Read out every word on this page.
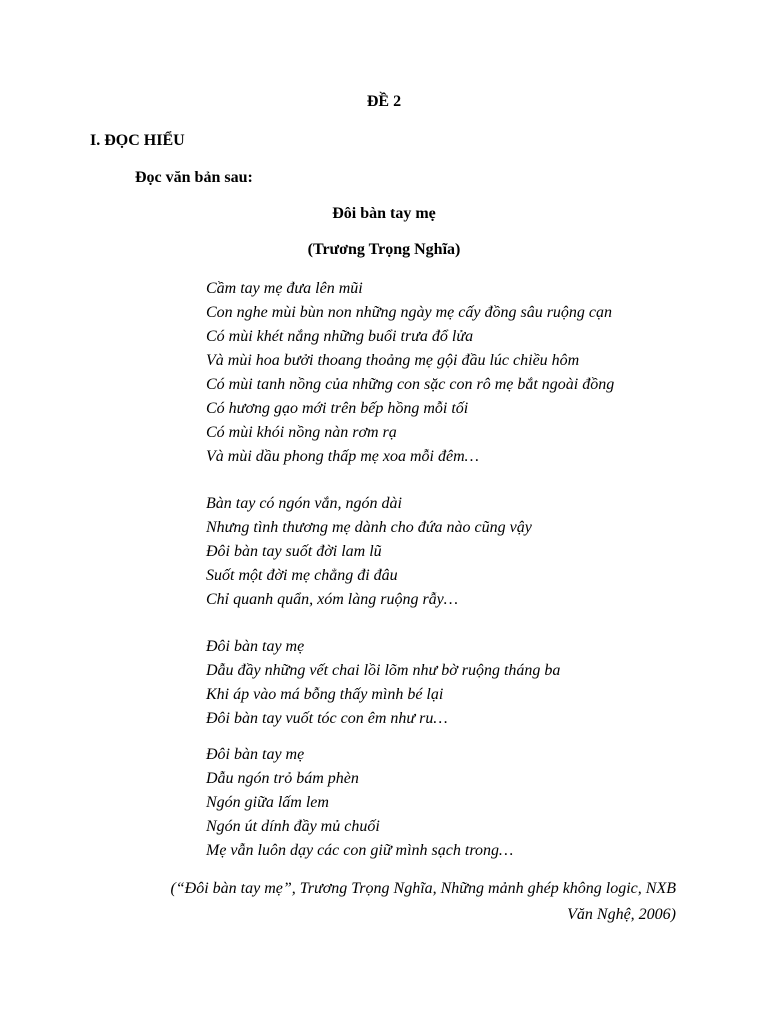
ĐỀ 2
I. ĐỌC HIỂU
Đọc văn bản sau:
Đôi bàn tay mẹ
(Trương Trọng Nghĩa)
Cầm tay mẹ đưa lên mũi
Con nghe mùi bùn non những ngày mẹ cấy đồng sâu ruộng cạn
Có mùi khét nắng những buổi trưa đổ lửa
Và mùi hoa bưởi thoang thoảng mẹ gội đầu lúc chiều hôm
Có mùi tanh nồng của những con sặc con rô mẹ bắt ngoài đồng
Có hương gạo mới trên bếp hồng mỗi tối
Có mùi khói nồng nàn rơm rạ
Và mùi dầu phong thấp mẹ xoa mỗi đêm…
Bàn tay có ngón vắn, ngón dài
Nhưng tình thương mẹ dành cho đứa nào cũng vậy
Đôi bàn tay suốt đời lam lũ
Suốt một đời mẹ chẳng đi đâu
Chỉ quanh quẩn, xóm làng ruộng rẫy…
Đôi bàn tay mẹ
Dẫu đầy những vết chai lồi lõm như bờ ruộng tháng ba
Khi áp vào má bỗng thấy mình bé lại
Đôi bàn tay vuốt tóc con êm như ru…
Đôi bàn tay mẹ
Dẫu ngón trỏ bám phèn
Ngón giữa lấm lem
Ngón út dính đầy mủ chuối
Mẹ vẫn luôn dạy các con giữ mình sạch trong…
(“Đôi bàn tay mẹ”, Trương Trọng Nghĩa, Những mảnh ghép không logic, NXB
Văn Nghệ, 2006)
